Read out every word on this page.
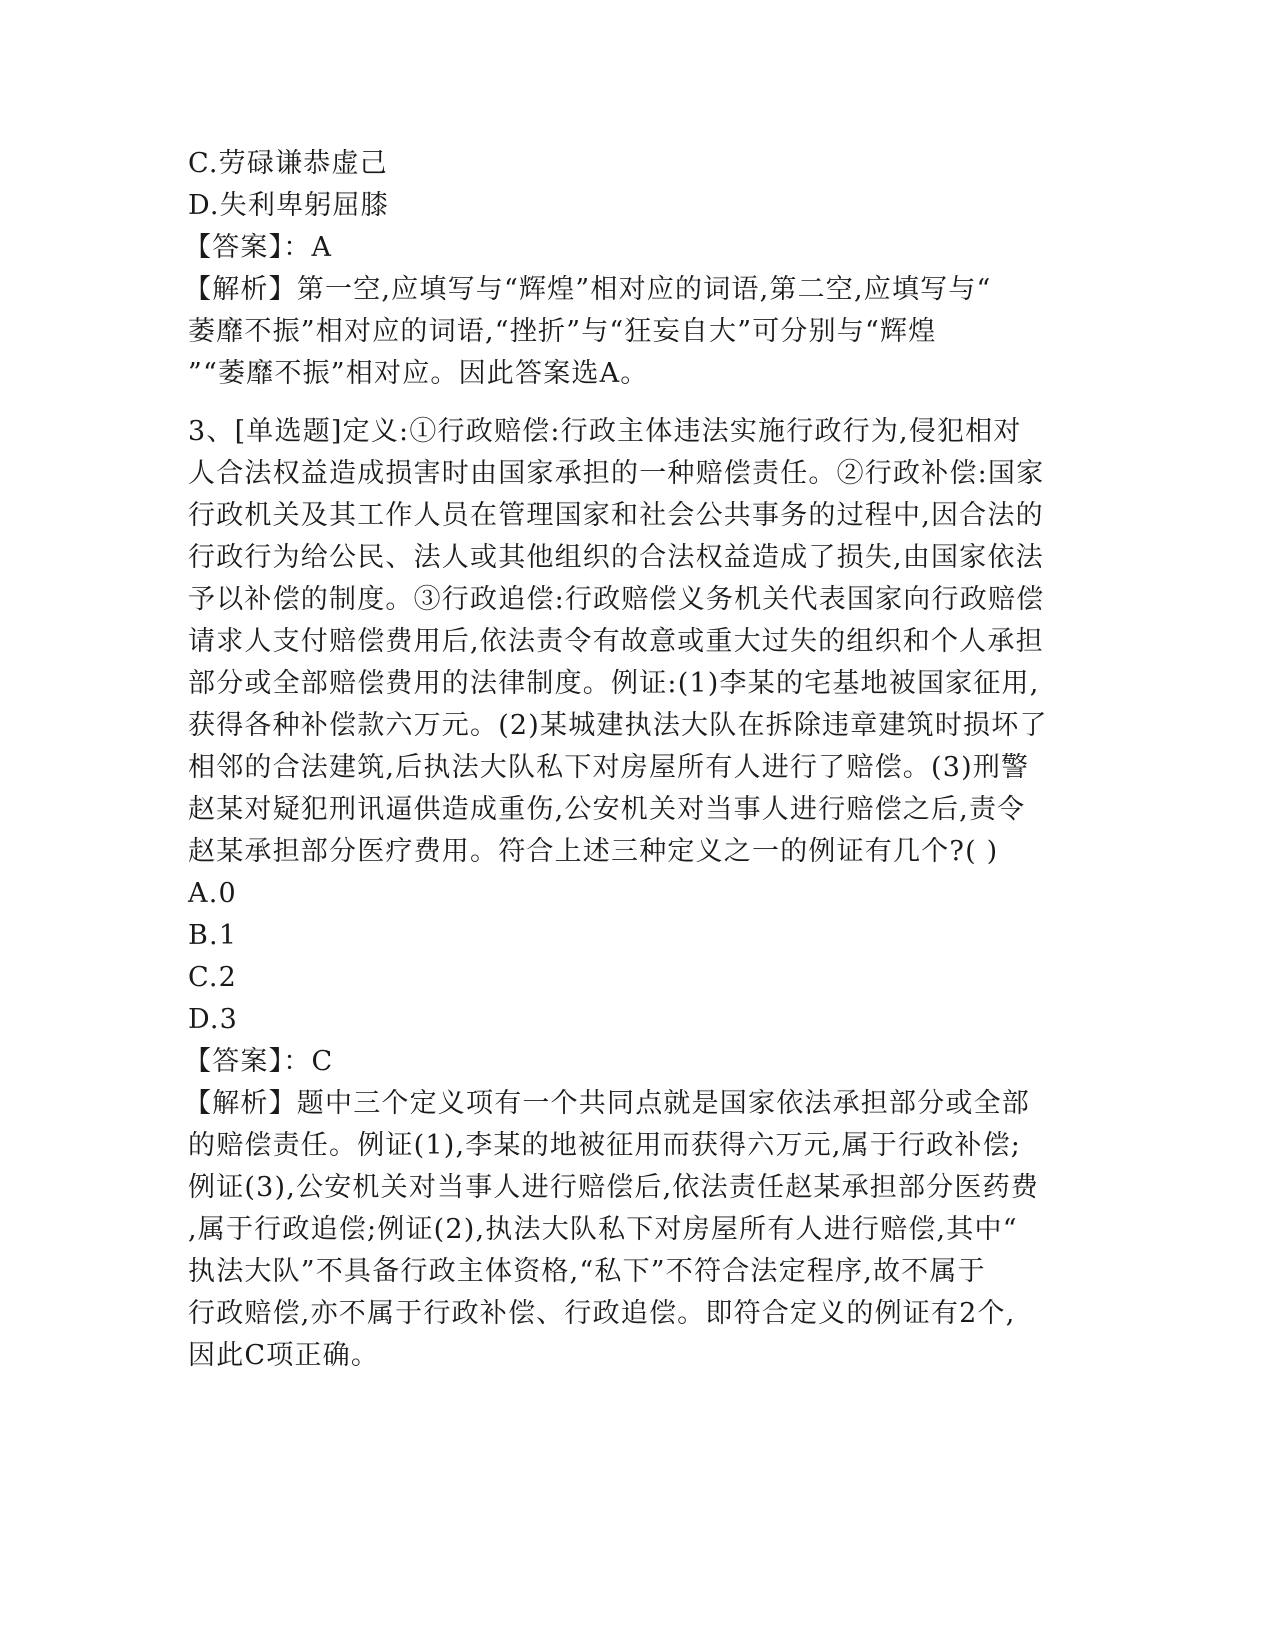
C.劳碌谦恭虚己
D.失利卑躬屈膝
【答案】：A
【解析】第一空,应填写与“辉煌”相对应的词语,第二空,应填写与“
萎靡不振”相对应的词语,“挫折”与“狂妄自大”可分别与“辉煌
”“萎靡不振”相对应。因此答案选A。
3、[单选题]定义:①行政赔偿:行政主体违法实施行政行为,侵犯相对
人合法权益造成损害时由国家承担的一种赔偿责任。②行政补偿:国家
行政机关及其工作人员在管理国家和社会公共事务的过程中,因合法的
行政行为给公民、法人或其他组织的合法权益造成了损失,由国家依法
予以补偿的制度。③行政追偿:行政赔偿义务机关代表国家向行政赔偿
请求人支付赔偿费用后,依法责令有故意或重大过失的组织和个人承担
部分或全部赔偿费用的法律制度。例证:(1)李某的宅基地被国家征用,
获得各种补偿款六万元。(2)某城建执法大队在拆除违章建筑时损坏了
相邻的合法建筑,后执法大队私下对房屋所有人进行了赔偿。(3)刑警
赵某对疑犯刑讯逼供造成重伤,公安机关对当事人进行赔偿之后,责令
赵某承担部分医疗费用。符合上述三种定义之一的例证有几个?( )
A.0
B.1
C.2
D.3
【答案】：C
【解析】题中三个定义项有一个共同点就是国家依法承担部分或全部
的赔偿责任。例证(1),李某的地被征用而获得六万元,属于行政补偿;
例证(3),公安机关对当事人进行赔偿后,依法责任赵某承担部分医药费
,属于行政追偿;例证(2),执法大队私下对房屋所有人进行赔偿,其中“
执法大队”不具备行政主体资格,“私下”不符合法定程序,故不属于
行政赔偿,亦不属于行政补偿、行政追偿。即符合定义的例证有2个,
因此C项正确。
